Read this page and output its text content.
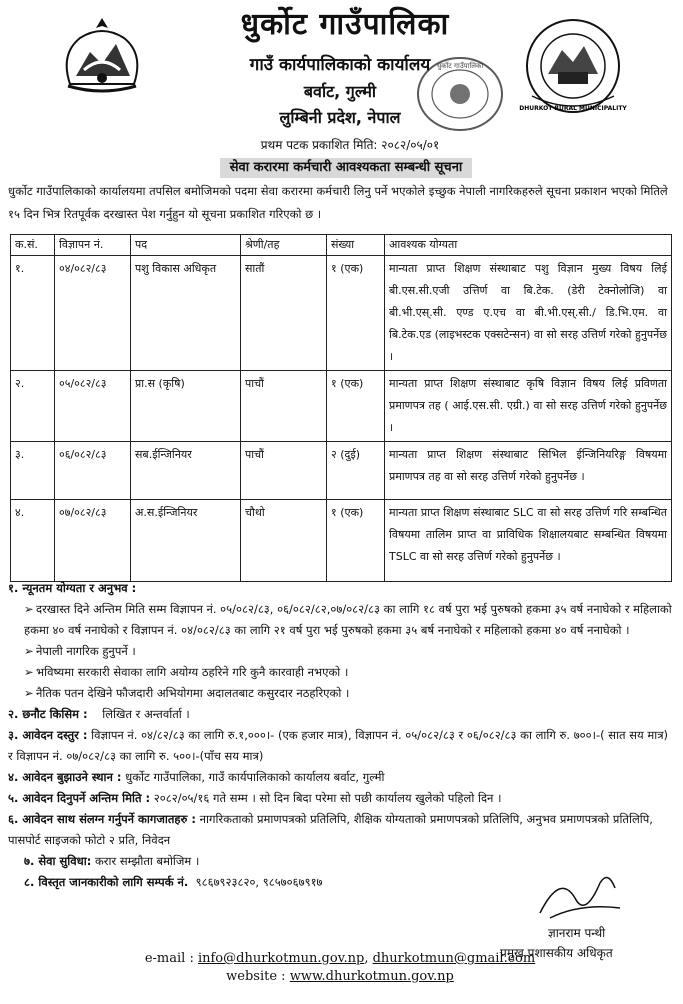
DHURKOT RURAL MUNICIPALITY
धुर्कोट गाउँपालिका
धुर्कोट गाउँपालिका
गाउँ कार्यपालिकाको कार्यालय
बर्वाट, गुल्मी
लुम्बिनी प्रदेश, नेपाल
प्रथम पटक प्रकाशित मिति: २०८२/०५/०१
सेवा करारमा कर्मचारी आवश्यकता सम्बन्धी सूचना
धुर्कोट गाउँपालिकाको कार्यालयमा तपसिल बमोजिमको पदमा सेवा करारमा कर्मचारी लिनु पर्ने भएकोले इच्छुक नेपाली नागरिकहरुले सूचना प्रकाशन भएको मितिले १५ दिन भित्र रितपूर्वक दरखास्त पेश गर्नुहुन यो सूचना प्रकाशित गरिएको छ ।
क.सं.	विज्ञापन नं.	पद	श्रेणी/तह	संख्या	आवश्यक योग्यता
१.	०४/०८२/८३	पशु विकास अधिकृत	सातौं	१ (एक)	मान्यता प्राप्त शिक्षण संस्थाबाट पशु विज्ञान मुख्य विषय लिई बी.एस.सी.एजी उत्तिर्ण वा बि.टेक. (डेरी टेक्नोलोजि) वा बी.भी.एस्.सी. एण्ड ए.एच वा बी.भी.एस्.सी./ डि.भि.एम. वा बि.टेक.एड (लाइभस्टक एक्सटेन्सन) वा सो सरह उत्तिर्ण गरेको हुनुपर्नेछ ।
२.	०५/०८२/८३	प्रा.स (कृषि)	पाचौं	१ (एक)	मान्यता प्राप्त शिक्षण संस्थाबाट कृषि विज्ञान विषय लिई प्रविणता प्रमाणपत्र तह ( आई.एस.सी. एग्री.) वा सो सरह उत्तिर्ण गरेको हुनुपर्नेछ ।
३.	०६/०८२/८३	सब.ईन्जिनियर	पाचौं	२ (दुई)	मान्यता प्राप्त शिक्षण संस्थाबाट सिभिल ईन्जिनियरिङ्ग विषयमा प्रमाणपत्र तह वा सो सरह उत्तिर्ण गरेको हुनुपर्नेछ ।
४.	०७/०८२/८३	अ.स.ईन्जिनियर	चौथो	१ (एक)	मान्यता प्राप्त शिक्षण संस्थाबाट SLC वा सो सरह उत्तिर्ण गरि सम्बन्धित विषयमा तालिम प्राप्त वा प्राविधिक शिक्षालयबाट सम्बन्धित विषयमा TSLC वा सो सरह उत्तिर्ण गरेको हुनुपर्नेछ ।
१. न्यूनतम योग्यता र अनुभव :
➢ दरखास्त दिने अन्तिम मिति सम्म विज्ञापन नं. ०५/०८२/८३, ०६/०८२/८२,०७/०८२/८३ का लागि १८ वर्ष पुरा भई पुरुषको हकमा ३५ वर्ष ननाघेको र महिलाको हकमा ४० वर्ष ननाघेको र विज्ञापन नं. ०४/०८२/८३ का लागि २१ वर्ष पुरा भई पुरुषको हकमा ३५ बर्ष ननाघेको र महिलाको हकमा ४० वर्ष ननाघेको ।
➢ नेपाली नागरिक हुनुपर्ने ।
➢ भविष्यमा सरकारी सेवाका लागि अयोग्य ठहरिने गरि कुनै कारवाही नभएको ।
➢ नैतिक पतन देखिने फौजदारी अभियोगमा अदालतबाट कसुरदार नठहरिएको ।
२. छनौट किसिम : लिखित र अन्तर्वार्ता ।
३. आवेदन दस्तुर : विज्ञापन नं. ०४/८२/८३ का लागि रु.१,०००।- (एक हजार मात्र), विज्ञापन नं. ०५/०८२/८३ र ०६/०८२/८३ का लागि रु. ७००।-( सात सय मात्र) र विज्ञापन नं. ०७/०८२/८३ का लागि रु. ५००।-(पाँच सय मात्र)
४. आवेदन बुझाउने स्थान : धुर्कोट गाउँपालिका, गाउँ कार्यपालिकाको कार्यालय बर्वाट, गुल्मी
५. आवेदन दिनुपर्ने अन्तिम मिति : २०८२/०५/१६ गते सम्म । सो दिन बिदा परेमा सो पछी कार्यालय खुलेको पहिलो दिन ।
६. आवेदन साथ संलग्न गर्नुपर्ने कागजातहरु : नागरिकताको प्रमाणपत्रको प्रतिलिपि, शैक्षिक योग्यताको प्रमाणपत्रको प्रतिलिपि, अनुभव प्रमाणपत्रको प्रतिलिपि, पासपोर्ट साइजको फोटो २ प्रति, निवेदन
७. सेवा सुविधा: करार सम्झौता बमोजिम ।
८. विस्तृत जानकारीको लागि सम्पर्क नं. ९८६७९२३८२०, ९८५७०६७९१७
ज्ञानराम पन्थी
प्रमुख प्रशासकीय अधिकृत
e-mail : info@dhurkotmun.gov.np, dhurkotmun@gmail.com
website : www.dhurkotmun.gov.np
